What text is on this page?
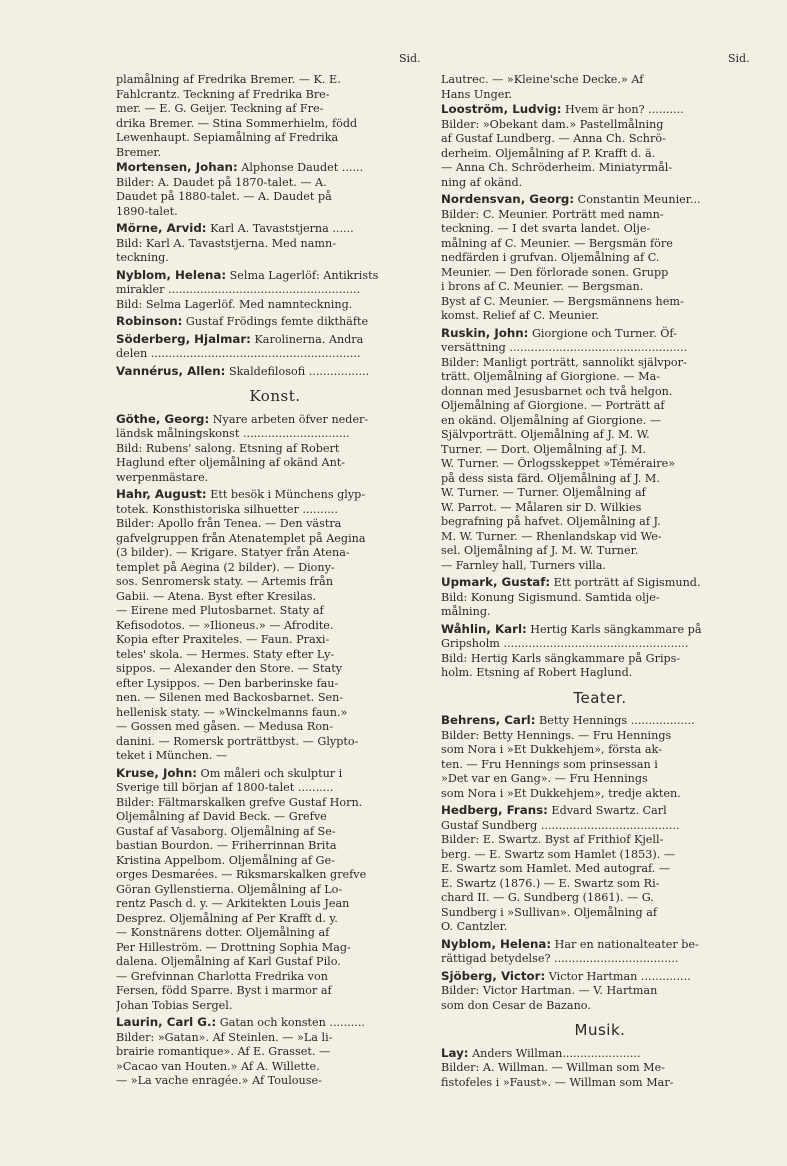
Sid.	Sid.
plamålning af Fredrika Bremer. — K. E.
Fahlcrantz. Teckning af Fredrika Bre-
mer. — E. G. Geijer. Teckning af Fre-
drika Bremer. — Stina Sommerhielm, född
Lewenhaupt. Sepiamålning af Fredrika
Bremer.
Mortensen, Johan: Alphonse Daudet ......
Bilder: A. Daudet på 1870-talet. — A.
Daudet på 1880-talet. — A. Daudet på
1890-talet.
Mörne, Arvid: Karl A. Tavaststjerna ......
Bild: Karl A. Tavaststjerna. Med namn-
teckning.
Nyblom, Helena: Selma Lagerlöf: Antikrists
mirakler ......................................................
Bild: Selma Lagerlöf. Med namnteckning.
Robinson: Gustaf Frödings femte dikthäfte
Söderberg, Hjalmar: Karolinerna. Andra
delen ...........................................................
Vannérus, Allen: Skaldefilosofi .................
Konst.
Göthe, Georg: Nyare arbeten öfver neder-
ländsk målningskonst ..............................
Bild: Rubens' salong. Etsning af Robert
Haglund efter oljemålning af okänd Ant-
werpenmästare.
Hahr, August: Ett besök i Münchens glyp-
totek. Konsthistoriska silhuetter ..........
Bilder: Apollo från Tenea. — Den västra
gafvelgruppen från Atenatemplet på Aegina
(3 bilder). — Krigare. Statyer från Atena-
templet på Aegina (2 bilder). — Diony-
sos. Senromersk staty. — Artemis från
Gabii. — Atena. Byst efter Kresilas.
— Eirene med Plutosbarnet. Staty af
Kefisodotos. — »Ilioneus.» — Afrodite.
Kopia efter Praxiteles. — Faun. Praxi-
teles' skola. — Hermes. Staty efter Ly-
sippos. — Alexander den Store. — Staty
efter Lysippos. — Den barberinske fau-
nen. — Silenen med Backosbarnet. Sen-
hellenisk staty. — »Winckelmanns faun.»
— Gossen med gåsen. — Medusa Ron-
danini. — Romersk porträttbyst. — Glypto-
teket i München. —
Kruse, John: Om måleri och skulptur i
Sverige till början af 1800-talet ..........
Bilder: Fältmarskalken grefve Gustaf Horn.
Oljemålning af David Beck. — Grefve
Gustaf af Vasaborg. Oljemålning af Se-
bastian Bourdon. — Friherrinnan Brita
Kristina Appelbom. Oljemålning af Ge-
orges Desmarées. — Riksmarskalken grefve
Göran Gyllenstierna. Oljemålning af Lo-
rentz Pasch d. y. — Arkitekten Louis Jean
Desprez. Oljemålning af Per Krafft d. y.
— Konstnärens dotter. Oljemålning af
Per Hilleström. — Drottning Sophia Mag-
dalena. Oljemålning af Karl Gustaf Pilo.
— Grefvinnan Charlotta Fredrika von
Fersen, född Sparre. Byst i marmor af
Johan Tobias Sergel.
Laurin, Carl G.: Gatan och konsten ..........
Bilder: »Gatan». Af Steinlen. — »La li-
brairie romantique». Af E. Grasset. —
»Cacao van Houten.» Af A. Willette.
— »La vache enragée.» Af Toulouse-
Lautrec. — »Kleine'sche Decke.» Af
Hans Unger.
Looström, Ludvig: Hvem är hon? ..........
Bilder: »Obekant dam.» Pastellmålning
af Gustaf Lundberg. — Anna Ch. Schrö-
derheim. Oljemålning af P. Krafft d. ä.
— Anna Ch. Schröderheim. Miniatyrmål-
ning af okänd.
Nordensvan, Georg: Constantin Meunier...
Bilder: C. Meunier. Porträtt med namn-
teckning. — I det svarta landet. Olje-
målning af C. Meunier. — Bergsmän före
nedfärden i grufvan. Oljemålning af C.
Meunier. — Den förlorade sonen. Grupp
i brons af C. Meunier. — Bergsman.
Byst af C. Meunier. — Bergsmännens hem-
komst. Relief af C. Meunier.
Ruskin, John: Giorgione och Turner. Öf-
versättning ..................................................
Bilder: Manligt porträtt, sannolikt självpor-
trätt. Oljemålning af Giorgione. — Ma-
donnan med Jesusbarnet och två helgon.
Oljemålning af Giorgione. — Porträtt af
en okänd. Oljemålning af Giorgione. —
Självporträtt. Oljemålning af J. M. W.
Turner. — Dort. Oljemålning af J. M.
W. Turner. — Örlogsskeppet »Téméraire»
på dess sista färd. Oljemålning af J. M.
W. Turner. — Turner. Oljemålning af
W. Parrot. — Målaren sir D. Wilkies
begrafning på hafvet. Oljemålning af J.
M. W. Turner. — Rhenlandskap vid We-
sel. Oljemålning af J. M. W. Turner.
— Farnley hall, Turners villa.
Upmark, Gustaf: Ett porträtt af Sigismund.
Bild: Konung Sigismund. Samtida olje-
målning.
Wåhlin, Karl: Hertig Karls sängkammare på
Gripsholm ....................................................
Bild: Hertig Karls sängkammare på Grips-
holm. Etsning af Robert Haglund.
Teater.
Behrens, Carl: Betty Hennings ..................
Bilder: Betty Hennings. — Fru Hennings
som Nora i »Et Dukkehjem», första ak-
ten. — Fru Hennings som prinsessan i
»Det var en Gang». — Fru Hennings
som Nora i »Et Dukkehjem», tredje akten.
Hedberg, Frans: Edvard Swartz. Carl
Gustaf Sundberg .......................................
Bilder: E. Swartz. Byst af Frithiof Kjell-
berg. — E. Swartz som Hamlet (1853). —
E. Swartz som Hamlet. Med autograf. —
E. Swartz (1876.) — E. Swartz som Ri-
chard II. — G. Sundberg (1861). — G.
Sundberg i »Sullivan». Oljemålning af
O. Cantzler.
Nyblom, Helena: Har en nationalteater be-
rättigad betydelse? ...................................
Sjöberg, Victor: Victor Hartman ..............
Bilder: Victor Hartman. — V. Hartman
som don Cesar de Bazano.
Musik.
Lay: Anders Willman......................
Bilder: A. Willman. — Willman som Me-
fistofeles i »Faust». — Willman som Mar-
